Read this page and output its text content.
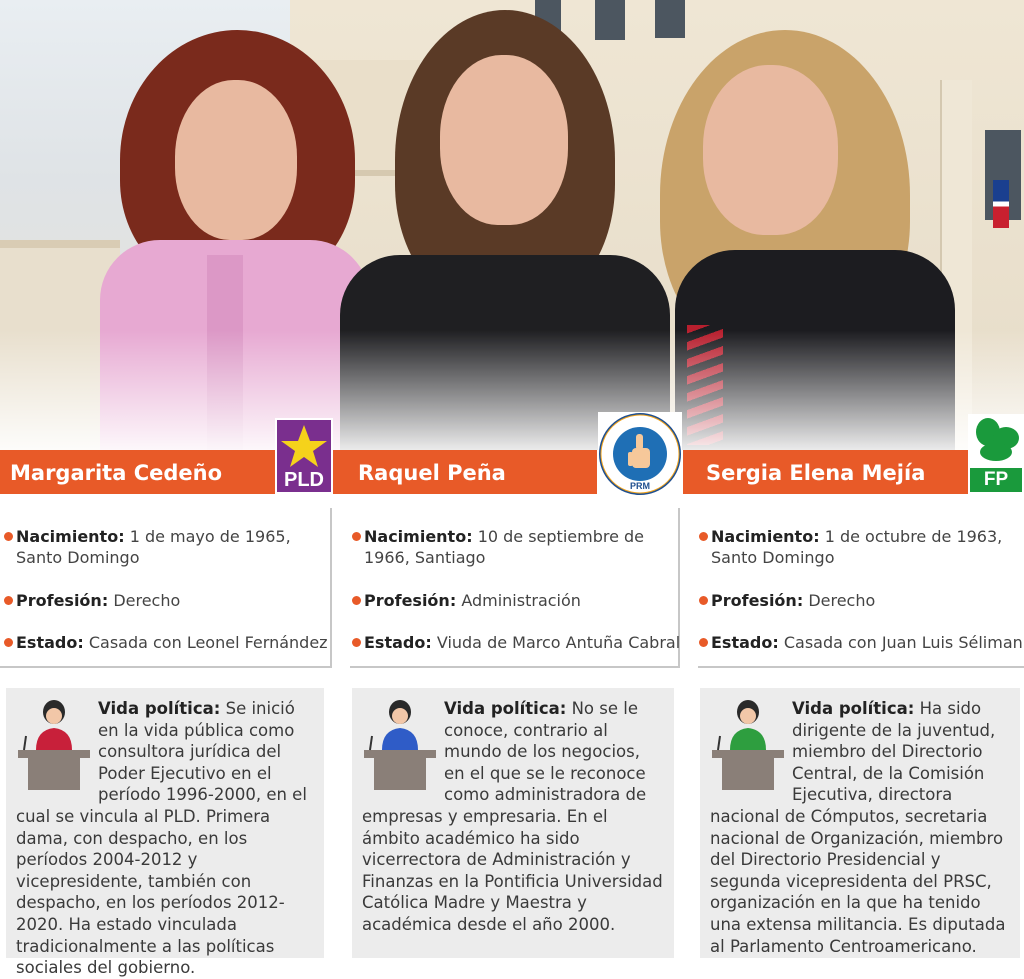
Margarita Cedeño	Raquel Peña	Sergia Elena Mejía
PLD	PRM	FP
Nacimiento: 1 de mayo de 1965,
Santo Domingo
Profesión: Derecho
Estado: Casada con Leonel Fernández
Nacimiento: 10 de septiembre de
1966, Santiago
Profesión: Administración
Estado: Viuda de Marco Antuña Cabral
Nacimiento: 1 de octubre de 1963,
Santo Domingo
Profesión: Derecho
Estado: Casada con Juan Luis Séliman
Vida política: Se inició en la vida pública como consultora jurídica del Poder Ejecutivo en el período 1996-2000, en el cual se vincula al PLD. Primera dama, con despacho, en los períodos 2004-2012 y vicepresidente, también con despacho, en los períodos 2012-2020. Ha estado vinculada tradicionalmente a las políticas sociales del gobierno.
Vida política: No se le conoce, contrario al mundo de los negocios, en el que se le reconoce como administradora de empresas y empresaria. En el ámbito académico ha sido vicerrectora de Administración y Finanzas en la Pontificia Universidad Católica Madre y Maestra y académica desde el año 2000.
Vida política: Ha sido dirigente de la juventud, miembro del Directorio Central, de la Comisión Ejecutiva, directora nacional de Cómputos, secretaria nacional de Organización, miembro del Directorio Presidencial y segunda vicepresidenta del PRSC, organización en la que ha tenido una extensa militancia. Es diputada al Parlamento Centroamericano.
